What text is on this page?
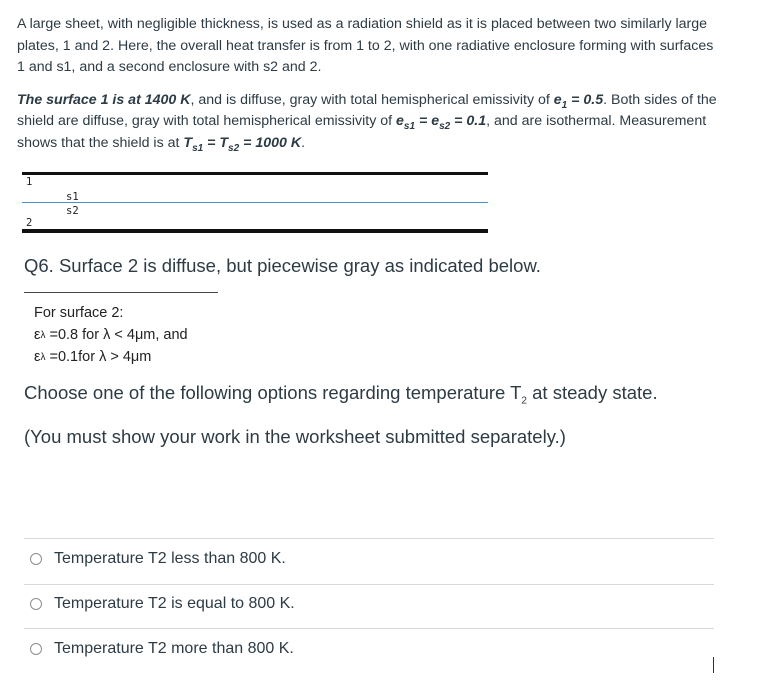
A large sheet, with negligible thickness, is used as a radiation shield as it is placed between two similarly large plates, 1 and 2. Here, the overall heat transfer is from 1 to 2, with one radiative enclosure forming with surfaces 1 and s1, and a second enclosure with s2 and 2.

The surface 1 is at 1400 K, and is diffuse, gray with total hemispherical emissivity of $e_1 = 0.5$. Both sides of the shield are diffuse, gray with total hemispherical emissivity of $e_{s1} = e_{s2} = 0.1$, and are isothermal. Measurement shows that the shield is at $T_{s1} = T_{s2} = 1000$ K.

1
s1
s2
2
Q6. Surface 2 is diffuse, but piecewise gray as indicated below.
For surface 2:
$\varepsilon_\lambda =0.8$ for λ < 4μm, and
$\varepsilon_\lambda =0.1for$ λ > 4μm
Choose one of the following options regarding temperature $T_2$ at steady state.
(You must show your work in the worksheet submitted separately.)
Temperature T2 less than 800 K.
Temperature T2 is equal to 800 K.
Temperature T2 more than 800 K.
